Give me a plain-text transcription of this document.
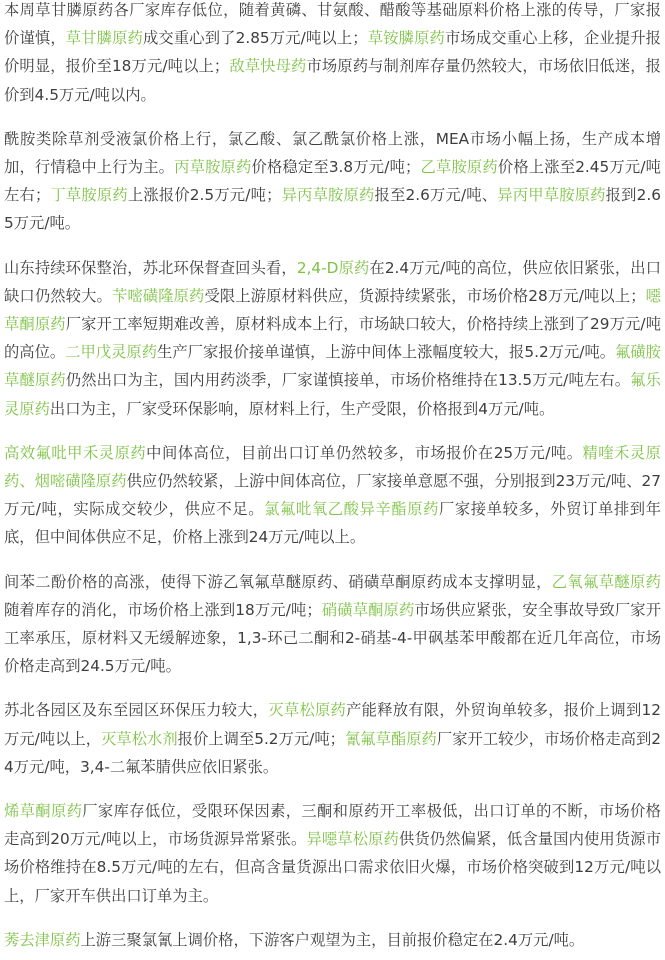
本周草甘膦原药各厂家库存低位，随着黄磷、甘氨酸、醋酸等基础原料价格上涨的传导，厂家报价谨慎，草甘膦原药成交重心到了2.85万元/吨以上；草铵膦原药市场成交重心上移，企业提升报价明显，报价至18万元/吨以上；敌草快母药市场原药与制剂库存量仍然较大，市场依旧低迷，报价到4.5万元/吨以内。

酰胺类除草剂受液氯价格上行，氯乙酸、氯乙酰氯价格上涨，MEA市场小幅上扬，生产成本增加，行情稳中上行为主。丙草胺原药价格稳定至3.8万元/吨；乙草胺原药价格上涨至2.45万元/吨左右；丁草胺原药上涨报价2.5万元/吨；异丙草胺原药报至2.6万元/吨、异丙甲草胺原药报到2.65万元/吨。

山东持续环保整治，苏北环保督查回头看，2,4-D原药在2.4万元/吨的高位，供应依旧紧张，出口缺口仍然较大。苄嘧磺隆原药受限上游原材料供应，货源持续紧张，市场价格28万元/吨以上；噁草酮原药厂家开工率短期难改善，原材料成本上行，市场缺口较大，价格持续上涨到了29万元/吨的高位。二甲戊灵原药生产厂家报价接单谨慎，上游中间体上涨幅度较大，报5.2万元/吨。氟磺胺草醚原药仍然出口为主，国内用药淡季，厂家谨慎接单，市场价格维持在13.5万元/吨左右。氟乐灵原药出口为主，厂家受环保影响，原材料上行，生产受限，价格报到4万元/吨。

高效氟吡甲禾灵原药中间体高位，目前出口订单仍然较多，市场报价在25万元/吨。精喹禾灵原药、烟嘧磺隆原药供应仍然较紧，上游中间体高位，厂家接单意愿不强，分别报到23万元/吨、27万元/吨，实际成交较少，供应不足。氯氟吡氧乙酸异辛酯原药厂家接单较多，外贸订单排到年底，但中间体供应不足，价格上涨到24万元/吨以上。

间苯二酚价格的高涨，使得下游乙氧氟草醚原药、硝磺草酮原药成本支撑明显，乙氧氟草醚原药随着库存的消化，市场价格上涨到18万元/吨；硝磺草酮原药市场供应紧张，安全事故导致厂家开工率承压，原材料又无缓解迹象，1,3-环己二酮和2-硝基-4-甲砜基苯甲酸都在近几年高位，市场价格走高到24.5万元/吨。

苏北各园区及东至园区环保压力较大，灭草松原药产能释放有限，外贸询单较多，报价上调到12万元/吨以上，灭草松水剂报价上调至5.2万元/吨；氰氟草酯原药厂家开工较少，市场价格走高到24万元/吨，3,4-二氟苯腈供应依旧紧张。

烯草酮原药厂家库存低位，受限环保因素，三酮和原药开工率极低，出口订单的不断，市场价格走高到20万元/吨以上，市场货源异常紧张。异噁草松原药供货仍然偏紧，低含量国内使用货源市场价格维持在8.5万元/吨的左右，但高含量货源出口需求依旧火爆，市场价格突破到12万元/吨以上，厂家开车供出口订单为主。

莠去津原药上游三聚氯氰上调价格，下游客户观望为主，目前报价稳定在2.4万元/吨。
